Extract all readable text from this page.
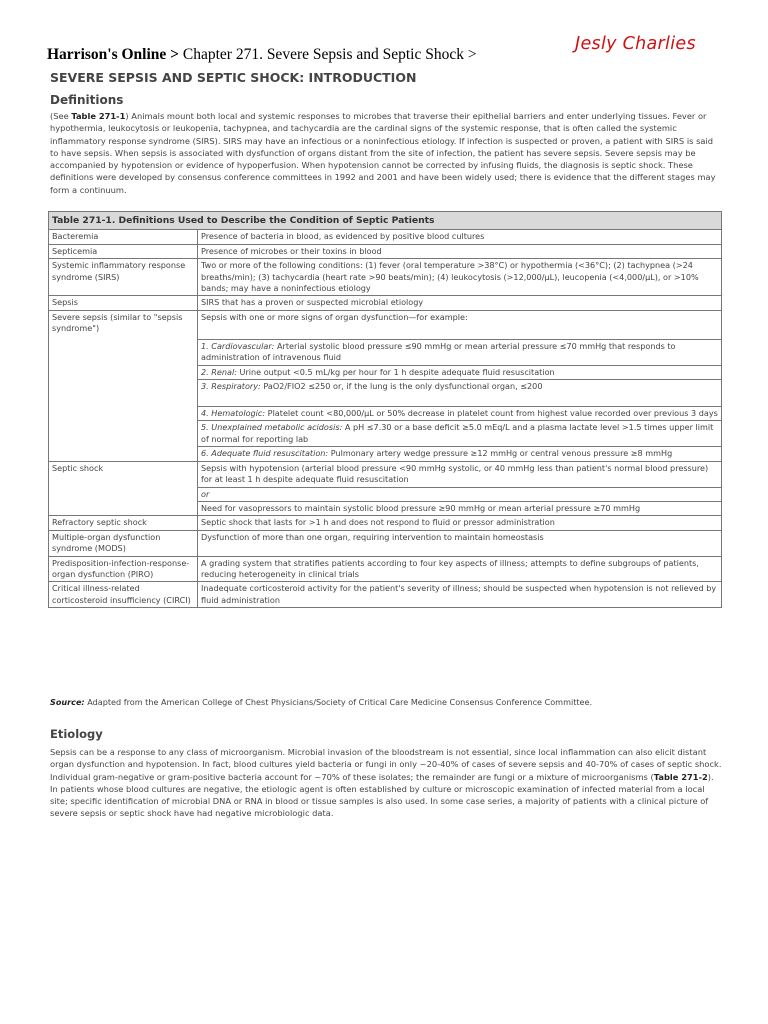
Harrison's Online > Chapter 271. Severe Sepsis and Septic Shock >
Jesly Charlies
SEVERE SEPSIS AND SEPTIC SHOCK: INTRODUCTION
Definitions

(See Table 271-1) Animals mount both local and systemic responses to microbes that traverse their epithelial barriers and enter underlying tissues. Fever or hypothermia, leukocytosis or leukopenia, tachypnea, and tachycardia are the cardinal signs of the systemic response, that is often called the systemic inflammatory response syndrome (SIRS). SIRS may have an infectious or a noninfectious etiology. If infection is suspected or proven, a patient with SIRS is said to have sepsis. When sepsis is associated with dysfunction of organs distant from the site of infection, the patient has severe sepsis. Severe sepsis may be accompanied by hypotension or evidence of hypoperfusion. When hypotension cannot be corrected by infusing fluids, the diagnosis is septic shock. These definitions were developed by consensus conference committees in 1992 and 2001 and have been widely used; there is evidence that the different stages may form a continuum.

Table 271-1. Definitions Used to Describe the Condition of Septic Patients	
Bacteremia	Presence of bacteria in blood, as evidenced by positive blood cultures
Septicemia	Presence of microbes or their toxins in blood
Systemic inflammatory response syndrome (SIRS)	Two or more of the following conditions: (1) fever (oral temperature >38°C) or hypothermia (<36°C); (2) tachypnea (>24 breaths/min); (3) tachycardia (heart rate >90 beats/min); (4) leukocytosis (>12,000/µL), leucopenia (<4,000/µL), or >10% bands; may have a noninfectious etiology
Sepsis	SIRS that has a proven or suspected microbial etiology
Severe sepsis (similar to "sepsis syndrome")	Sepsis with one or more signs of organ dysfunction—for example:
	1. Cardiovascular: Arterial systolic blood pressure ≤90 mmHg or mean arterial pressure ≤70 mmHg that responds to administration of intravenous fluid
	2. Renal: Urine output <0.5 mL/kg per hour for 1 h despite adequate fluid resuscitation
	3. Respiratory: PaO2/FIO2 ≤250 or, if the lung is the only dysfunctional organ, ≤200
	4. Hematologic: Platelet count <80,000/µL or 50% decrease in platelet count from highest value recorded over previous 3 days
	5. Unexplained metabolic acidosis: A pH ≤7.30 or a base deficit ≥5.0 mEq/L and a plasma lactate level >1.5 times upper limit of normal for reporting lab
	6. Adequate fluid resuscitation: Pulmonary artery wedge pressure ≥12 mmHg or central venous pressure ≥8 mmHg
Septic shock	Sepsis with hypotension (arterial blood pressure <90 mmHg systolic, or 40 mmHg less than patient's normal blood pressure) for at least 1 h despite adequate fluid resuscitation
	or
	Need for vasopressors to maintain systolic blood pressure ≥90 mmHg or mean arterial pressure ≥70 mmHg
Refractory septic shock	Septic shock that lasts for >1 h and does not respond to fluid or pressor administration
Multiple-organ dysfunction syndrome (MODS)	Dysfunction of more than one organ, requiring intervention to maintain homeostasis
Predisposition-infection-response-organ dysfunction (PIRO)	A grading system that stratifies patients according to four key aspects of illness; attempts to define subgroups of patients, reducing heterogeneity in clinical trials
Critical illness-related corticosteroid insufficiency (CIRCI)	Inadequate corticosteroid activity for the patient's severity of illness; should be suspected when hypotension is not relieved by fluid administration
Source: Adapted from the American College of Chest Physicians/Society of Critical Care Medicine Consensus Conference Committee.
Etiology

Sepsis can be a response to any class of microorganism. Microbial invasion of the bloodstream is not essential, since local inflammation can also elicit distant organ dysfunction and hypotension. In fact, blood cultures yield bacteria or fungi in only ~20-40% of cases of severe sepsis and 40-70% of cases of septic shock. Individual gram-negative or gram-positive bacteria account for ~70% of these isolates; the remainder are fungi or a mixture of microorganisms (Table 271-2). In patients whose blood cultures are negative, the etiologic agent is often established by culture or microscopic examination of infected material from a local site; specific identification of microbial DNA or RNA in blood or tissue samples is also used. In some case series, a majority of patients with a clinical picture of severe sepsis or septic shock have had negative microbiologic data.
